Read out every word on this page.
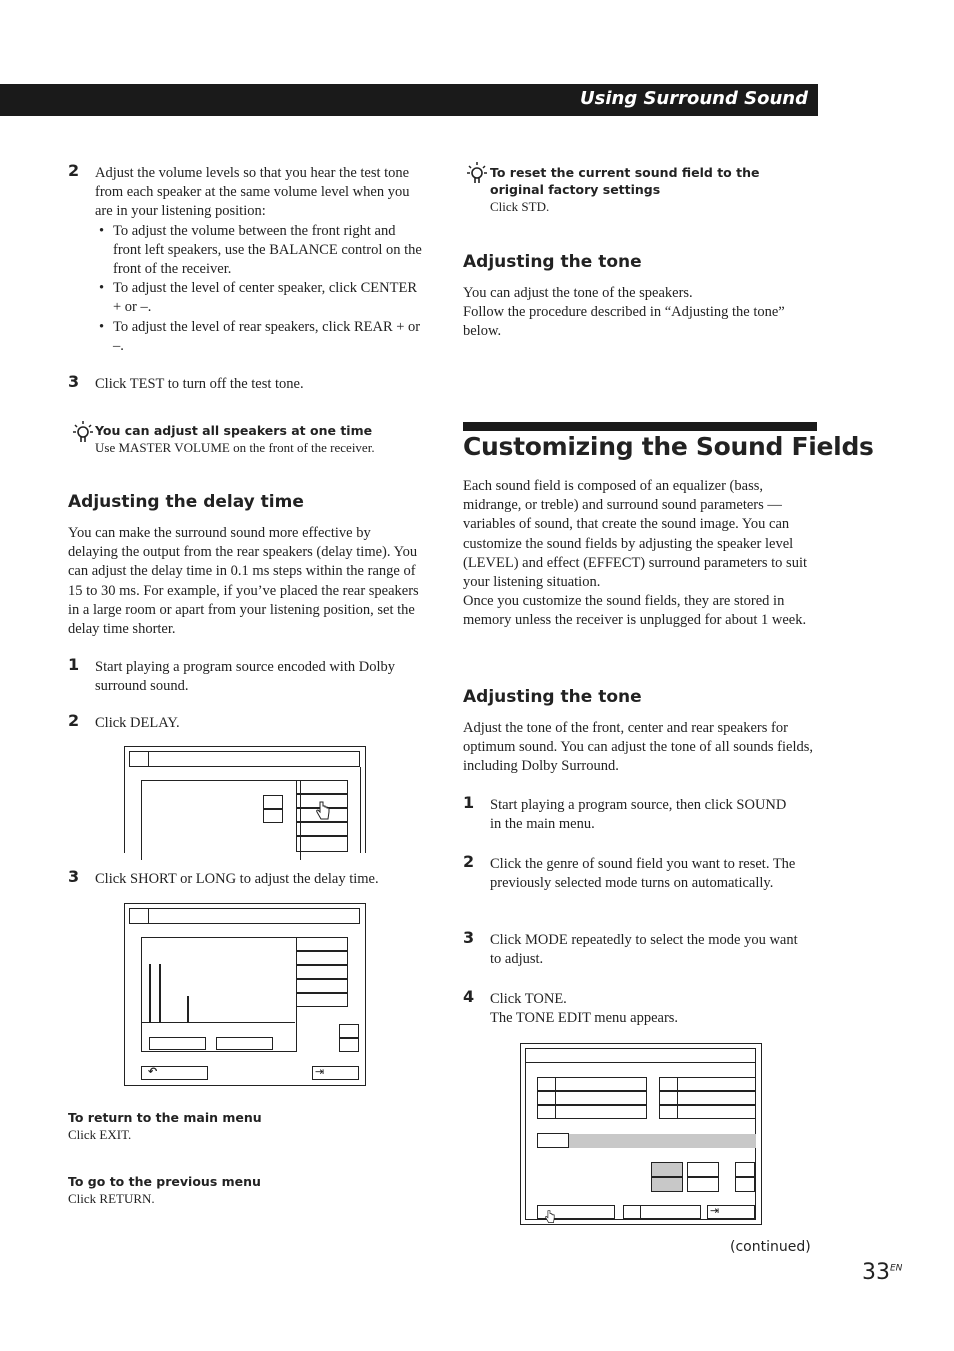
Using Surround Sound
2 Adjust the volume levels so that you hear the test tone from each speaker at the same volume level when you are in your listening position:
• To adjust the volume between the front right and front left speakers, use the BALANCE control on the front of the receiver.
• To adjust the level of center speaker, click CENTER + or –.
• To adjust the level of rear speakers, click REAR + or –.
3 Click TEST to turn off the test tone.
You can adjust all speakers at one time
Use MASTER VOLUME on the front of the receiver.
Adjusting the delay time
You can make the surround sound more effective by delaying the output from the rear speakers (delay time). You can adjust the delay time in 0.1 ms steps within the range of 15 to 30 ms. For example, if you’ve placed the rear speakers in a large room or apart from your listening position, set the delay time shorter.
1 Start playing a program source encoded with Dolby surround sound.
2 Click DELAY.
3 Click SHORT or LONG to adjust the delay time.
↶	⇥
To return to the main menu
Click EXIT.
To go to the previous menu
Click RETURN.
To reset the current sound field to the original factory settings
Click STD.
Adjusting the tone
You can adjust the tone of the speakers.
Follow the procedure described in “Adjusting the tone” below.
Customizing the Sound Fields
Each sound field is composed of an equalizer (bass, midrange, or treble) and surround sound parameters — variables of sound, that create the sound image. You can customize the sound fields by adjusting the speaker level (LEVEL) and effect (EFFECT) surround parameters to suit your listening situation.
Once you customize the sound fields, they are stored in memory unless the receiver is unplugged for about 1 week.
Adjusting the tone
Adjust the tone of the front, center and rear speakers for optimum sound. You can adjust the tone of all sounds fields, including Dolby Surround.
1 Start playing a program source, then click SOUND in the main menu.
2 Click the genre of sound field you want to reset. The previously selected mode turns on automatically.
3 Click MODE repeatedly to select the mode you want to adjust.
4 Click TONE.
The TONE EDIT menu appears.
⇥
(continued)
$33^{EN}$
